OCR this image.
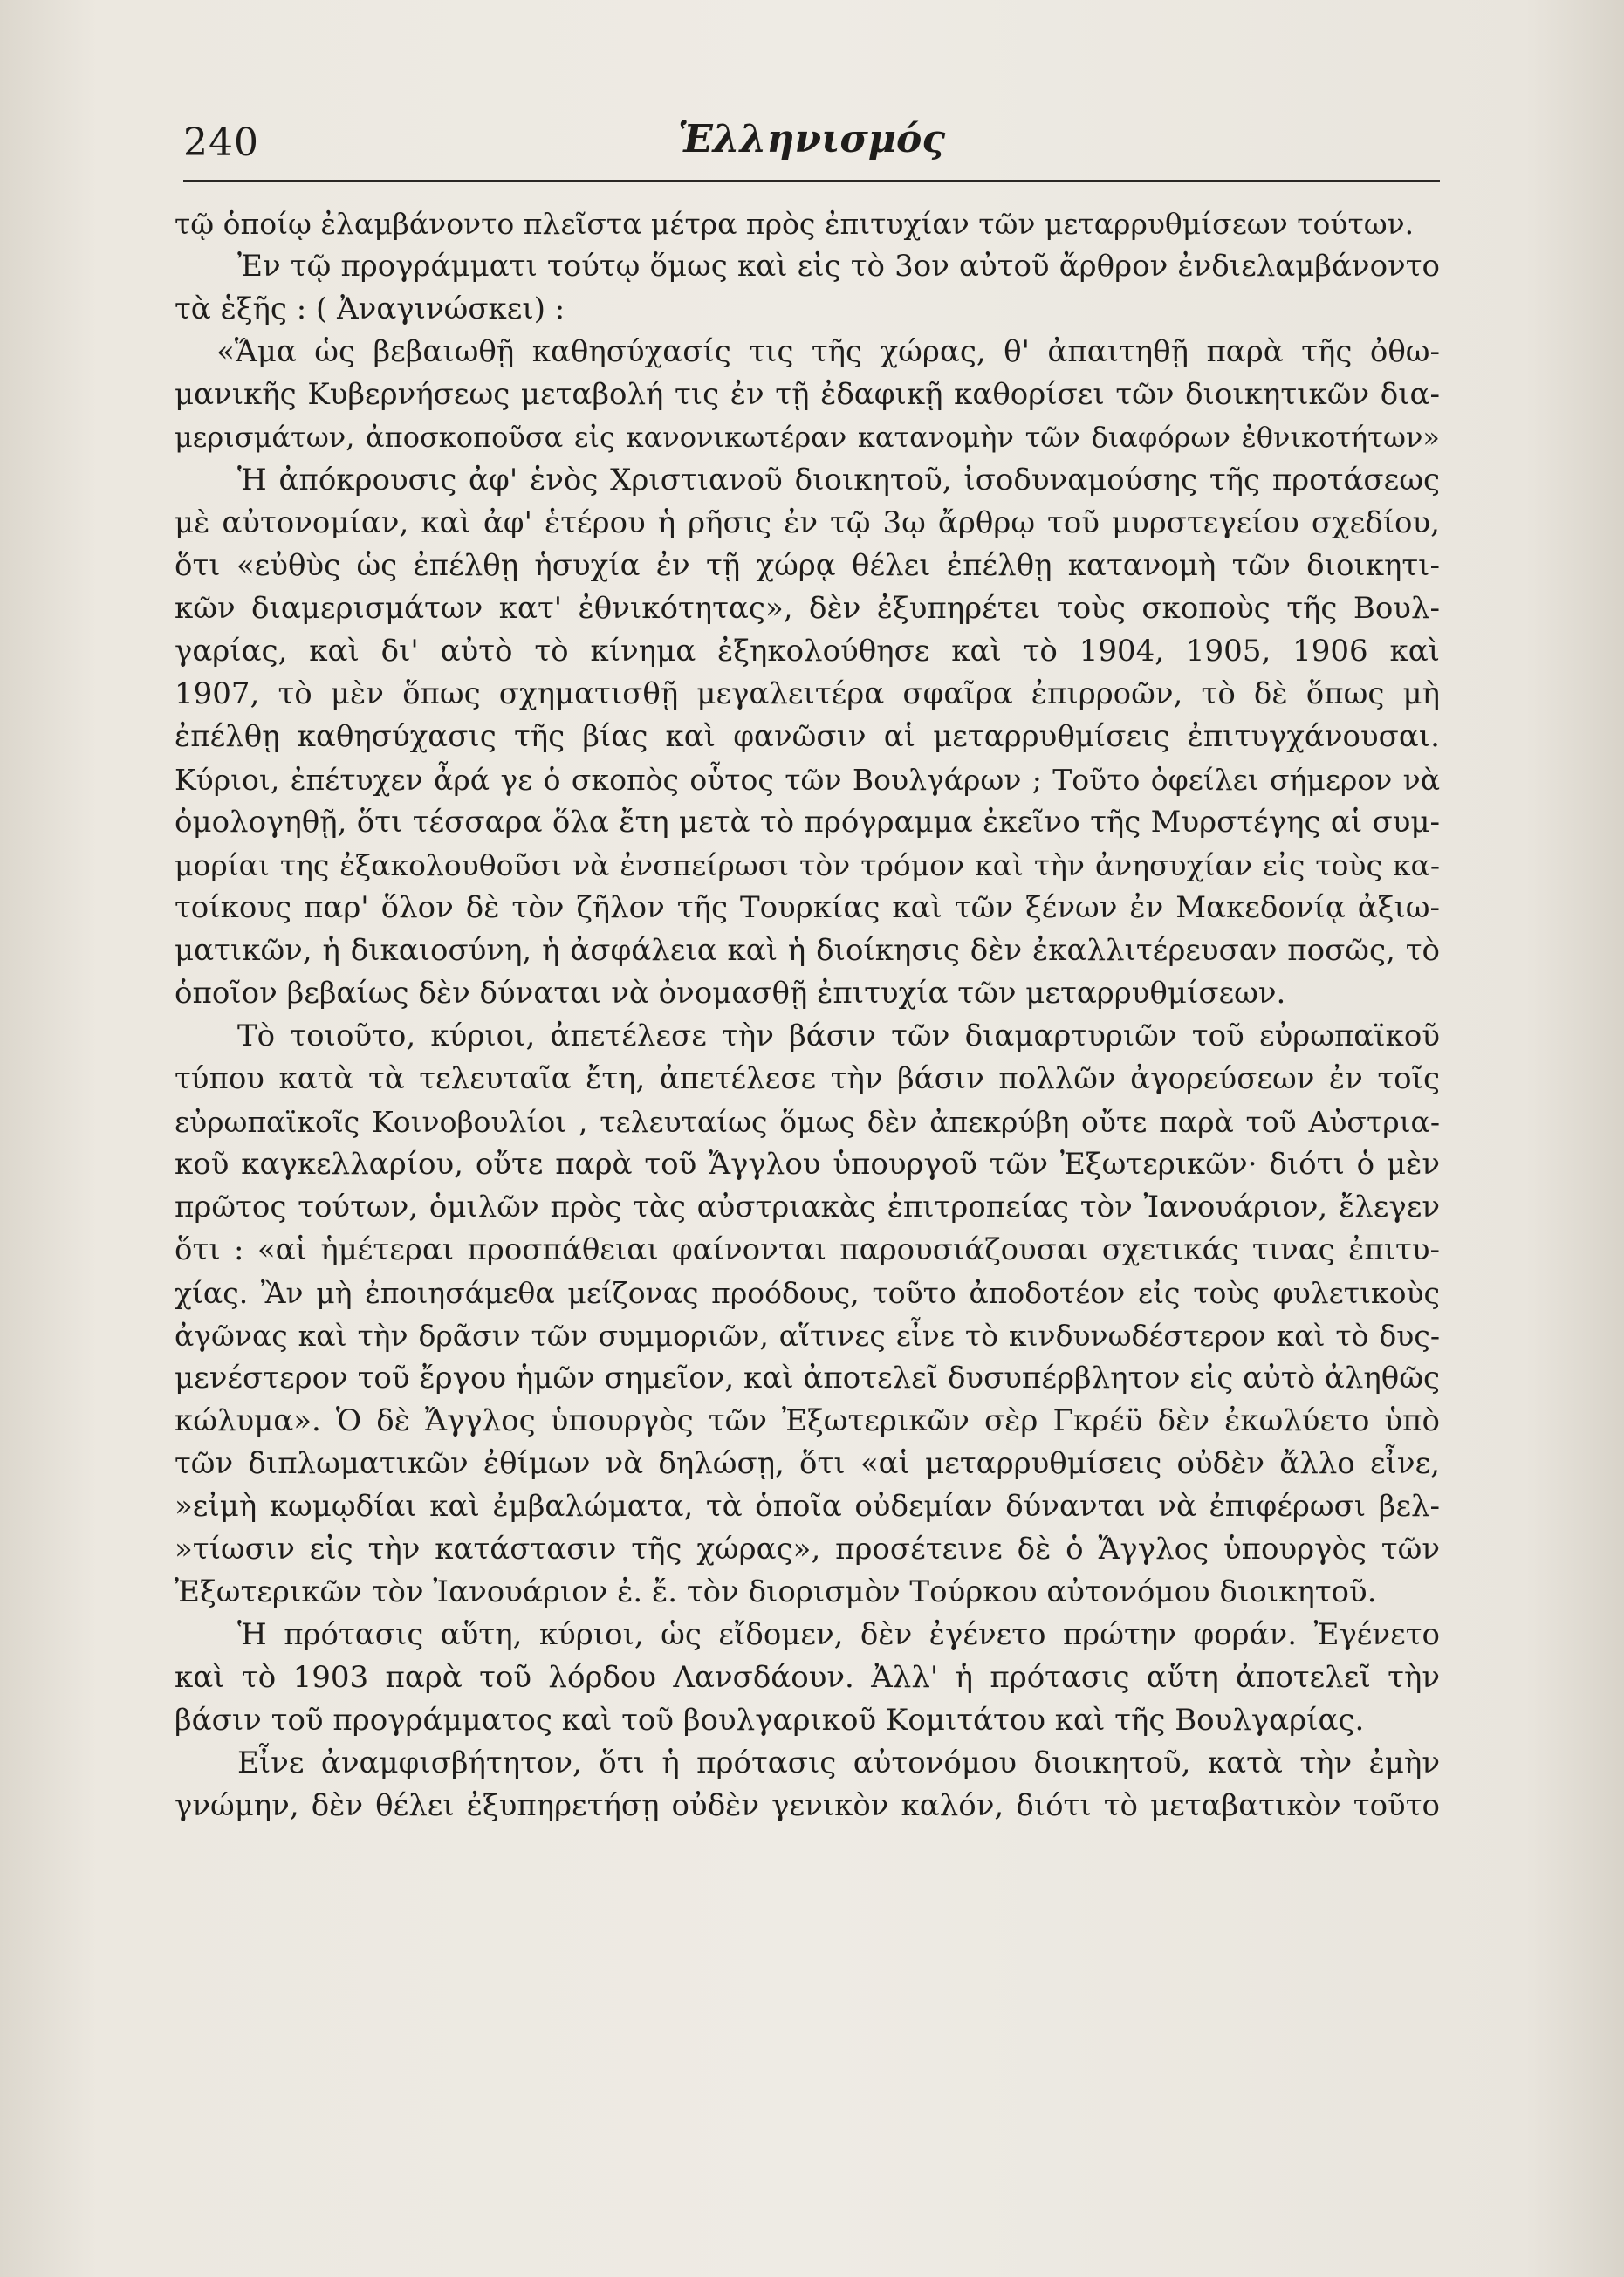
240	Ἑλληνισμός
τῷ ὁποίῳ ἐλαμβάνοντο πλεῖστα μέτρα πρὸς ἐπιτυχίαν τῶν μεταρρυθμίσεων τούτων.
Ἐν τῷ προγράμματι τούτῳ ὅμως καὶ εἰς τὸ 3ον αὐτοῦ ἄρθρον ἐνδιελαμβάνοντο
τὰ ἑξῆς : ( Ἀναγινώσκει) :
«Ἅμα ὡς βεβαιωθῇ καθησύχασίς τις τῆς χώρας, θ' ἀπαιτηθῇ παρὰ τῆς ὀθω-
μανικῆς Κυβερνήσεως μεταβολή τις ἐν τῇ ἐδαφικῇ καθορίσει τῶν διοικητικῶν δια-
μερισμάτων, ἀποσκοποῦσα εἰς κανονικωτέραν κατανομὴν τῶν διαφόρων ἐθνικοτήτων»
Ἡ ἀπόκρουσις ἀφ' ἑνὸς Χριστιανοῦ διοικητοῦ, ἰσοδυναμούσης τῆς προτάσεως
μὲ αὐτονομίαν, καὶ ἀφ' ἑτέρου ἡ ρῆσις ἐν τῷ 3ῳ ἄρθρῳ τοῦ μυρστεγείου σχεδίου,
ὅτι «εὐθὺς ὡς ἐπέλθῃ ἡσυχία ἐν τῇ χώρᾳ θέλει ἐπέλθῃ κατανομὴ τῶν διοικητι-
κῶν διαμερισμάτων κατ' ἐθνικότητας», δὲν ἐξυπηρέτει τοὺς σκοποὺς τῆς Βουλ-
γαρίας, καὶ δι' αὐτὸ τὸ κίνημα ἐξηκολούθησε καὶ τὸ 1904, 1905, 1906 καὶ
1907, τὸ μὲν ὅπως σχηματισθῇ μεγαλειτέρα σφαῖρα ἐπιρροῶν, τὸ δὲ ὅπως μὴ
ἐπέλθῃ καθησύχασις τῆς βίας καὶ φανῶσιν αἱ μεταρρυθμίσεις ἐπιτυγχάνουσαι.
Κύριοι, ἐπέτυχεν ἆρά γε ὁ σκοπὸς οὗτος τῶν Βουλγάρων ; Τοῦτο ὀφείλει σήμερον νὰ
ὁμολογηθῇ, ὅτι τέσσαρα ὅλα ἔτη μετὰ τὸ πρόγραμμα ἐκεῖνο τῆς Μυρστέγης αἱ συμ-
μορίαι της ἐξακολουθοῦσι νὰ ἐνσπείρωσι τὸν τρόμον καὶ τὴν ἀνησυχίαν εἰς τοὺς κα-
τοίκους παρ' ὅλον δὲ τὸν ζῆλον τῆς Τουρκίας καὶ τῶν ξένων ἐν Μακεδονίᾳ ἀξιω-
ματικῶν, ἡ δικαιοσύνη, ἡ ἀσφάλεια καὶ ἡ διοίκησις δὲν ἐκαλλιτέρευσαν ποσῶς, τὸ
ὁποῖον βεβαίως δὲν δύναται νὰ ὀνομασθῇ ἐπιτυχία τῶν μεταρρυθμίσεων.
Τὸ τοιοῦτο, κύριοι, ἀπετέλεσε τὴν βάσιν τῶν διαμαρτυριῶν τοῦ εὐρωπαϊκοῦ
τύπου κατὰ τὰ τελευταῖα ἔτη, ἀπετέλεσε τὴν βάσιν πολλῶν ἀγορεύσεων ἐν τοῖς
εὐρωπαϊκοῖς Κοινοβουλίοι , τελευταίως ὅμως δὲν ἀπεκρύβη οὔτε παρὰ τοῦ Αὐστρια-
κοῦ καγκελλαρίου, οὔτε παρὰ τοῦ Ἄγγλου ὑπουργοῦ τῶν Ἐξωτερικῶν· διότι ὁ μὲν
πρῶτος τούτων, ὁμιλῶν πρὸς τὰς αὐστριακὰς ἐπιτροπείας τὸν Ἰανουάριον, ἔλεγεν
ὅτι : «αἱ ἡμέτεραι προσπάθειαι φαίνονται παρουσιάζουσαι σχετικάς τινας ἐπιτυ-
χίας. Ἂν μὴ ἐποιησάμεθα μείζονας προόδους, τοῦτο ἀποδοτέον εἰς τοὺς φυλετικοὺς
ἀγῶνας καὶ τὴν δρᾶσιν τῶν συμμοριῶν, αἵτινες εἶνε τὸ κινδυνωδέστερον καὶ τὸ δυς-
μενέστερον τοῦ ἔργου ἡμῶν σημεῖον, καὶ ἀποτελεῖ δυσυπέρβλητον εἰς αὐτὸ ἀληθῶς
κώλυμα». Ὁ δὲ Ἄγγλος ὑπουργὸς τῶν Ἐξωτερικῶν σὲρ Γκρέϋ δὲν ἐκωλύετο ὑπὸ
τῶν διπλωματικῶν ἐθίμων νὰ δηλώσῃ, ὅτι «αἱ μεταρρυθμίσεις οὐδὲν ἄλλο εἶνε,
»εἰμὴ κωμῳδίαι καὶ ἐμβαλώματα, τὰ ὁποῖα οὐδεμίαν δύνανται νὰ ἐπιφέρωσι βελ-
»τίωσιν εἰς τὴν κατάστασιν τῆς χώρας», προσέτεινε δὲ ὁ Ἄγγλος ὑπουργὸς τῶν
Ἐξωτερικῶν τὸν Ἰανουάριον ἐ. ἔ. τὸν διορισμὸν Τούρκου αὐτονόμου διοικητοῦ.
Ἡ πρότασις αὕτη, κύριοι, ὡς εἴδομεν, δὲν ἐγένετο πρώτην φοράν. Ἐγένετο
καὶ τὸ 1903 παρὰ τοῦ λόρδου Λανσδάουν. Ἀλλ' ἡ πρότασις αὕτη ἀποτελεῖ τὴν
βάσιν τοῦ προγράμματος καὶ τοῦ βουλγαρικοῦ Κομιτάτου καὶ τῆς Βουλγαρίας.
Εἶνε ἀναμφισβήτητον, ὅτι ἡ πρότασις αὐτονόμου διοικητοῦ, κατὰ τὴν ἐμὴν
γνώμην, δὲν θέλει ἐξυπηρετήσῃ οὐδὲν γενικὸν καλόν, διότι τὸ μεταβατικὸν τοῦτο
